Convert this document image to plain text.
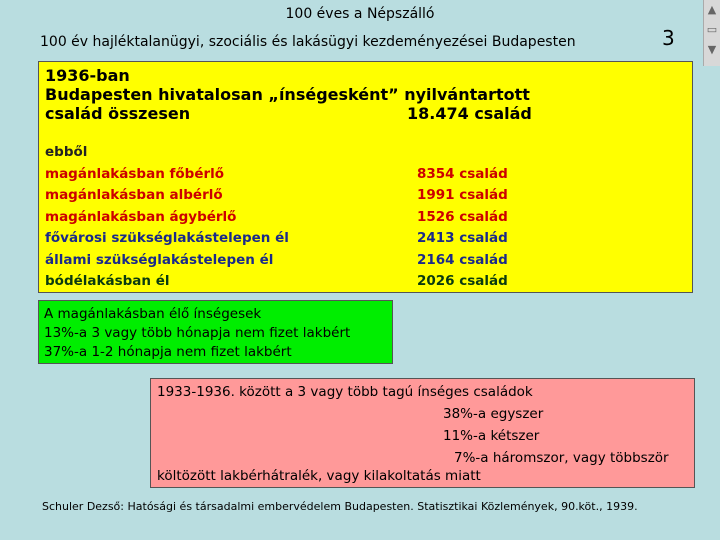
100 éves a Népszálló
100 év hajléktalanügyi, szociális és lakásügyi kezdeményezései Budapesten	3
▲
▭
▼
1936-ban
Budapesten hivatalosan „ínségesként” nyilvántartott
család összesen	18.474 család
ebből
magánlakásban főbérlő	8354 család
magánlakásban albérlő	1991 család
magánlakásban ágybérlő	1526 család
fővárosi szükséglakástelepen él	2413 család
állami szükséglakástelepen él	2164 család
bódélakásban él	2026 család
A magánlakásban élő ínségesek
13%-a 3 vagy több hónapja nem fizet lakbért
37%-a 1-2 hónapja nem fizet lakbért
1933-1936. között a 3 vagy több tagú ínséges családok
38%-a egyszer
11%-a kétszer
7%-a háromszor, vagy többször
költözött lakbérhátralék, vagy kilakoltatás miatt
Schuler Dezső: Hatósági és társadalmi embervédelem Budapesten. Statisztikai Közlemények, 90.köt., 1939.
